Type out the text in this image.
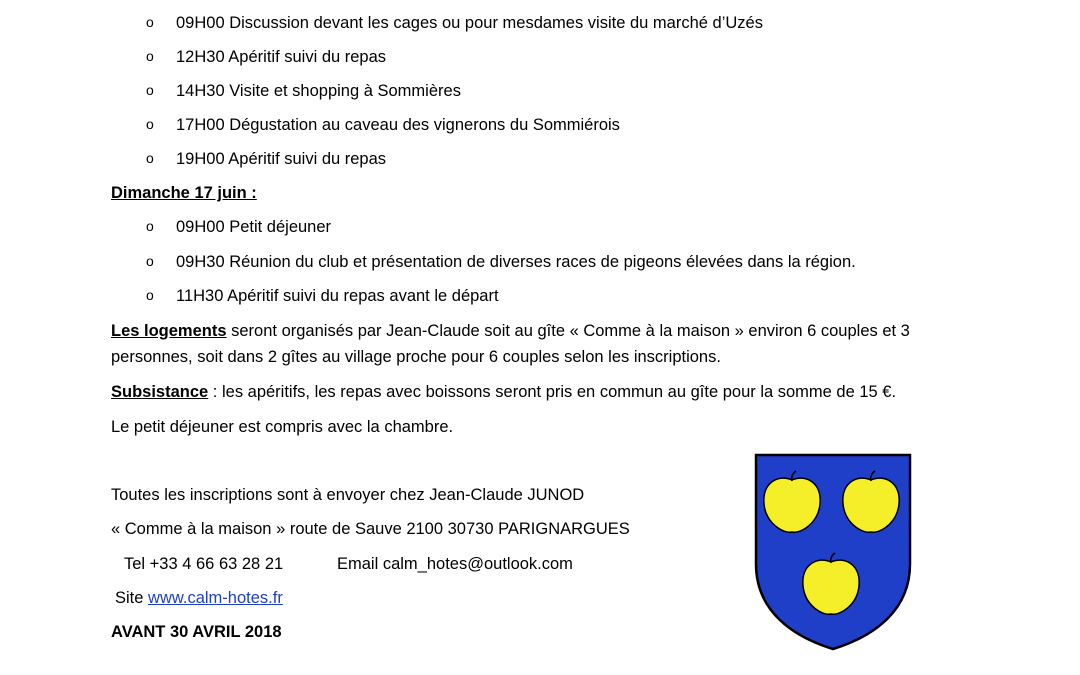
o 09H00 Discussion devant les cages ou pour mesdames visite du marché d’Uzés
o 12H30 Apéritif suivi du repas
o 14H30 Visite et shopping à Sommières
o 17H00 Dégustation au caveau des vignerons du Sommiérois
o 19H00 Apéritif suivi du repas
Dimanche 17 juin :
o 09H00 Petit déjeuner
o 09H30 Réunion du club et présentation de diverses races de pigeons élevées dans la région.
o 11H30 Apéritif suivi du repas avant le départ
Les logements seront organisés par Jean-Claude soit au gîte « Comme à la maison » environ 6 couples et 3
personnes, soit dans 2 gîtes au village proche pour 6 couples selon les inscriptions.
Subsistance : les apéritifs, les repas avec boissons seront pris en commun au gîte pour la somme de 15 €.
Le petit déjeuner est compris avec la chambre.
Toutes les inscriptions sont à envoyer chez Jean-Claude JUNOD
« Comme à la maison » route de Sauve 2100 30730 PARIGNARGUES
Tel +33 4 66 63 28 21	Email calm_hotes@outlook.com
Site www.calm-hotes.fr
AVANT 30 AVRIL 2018
